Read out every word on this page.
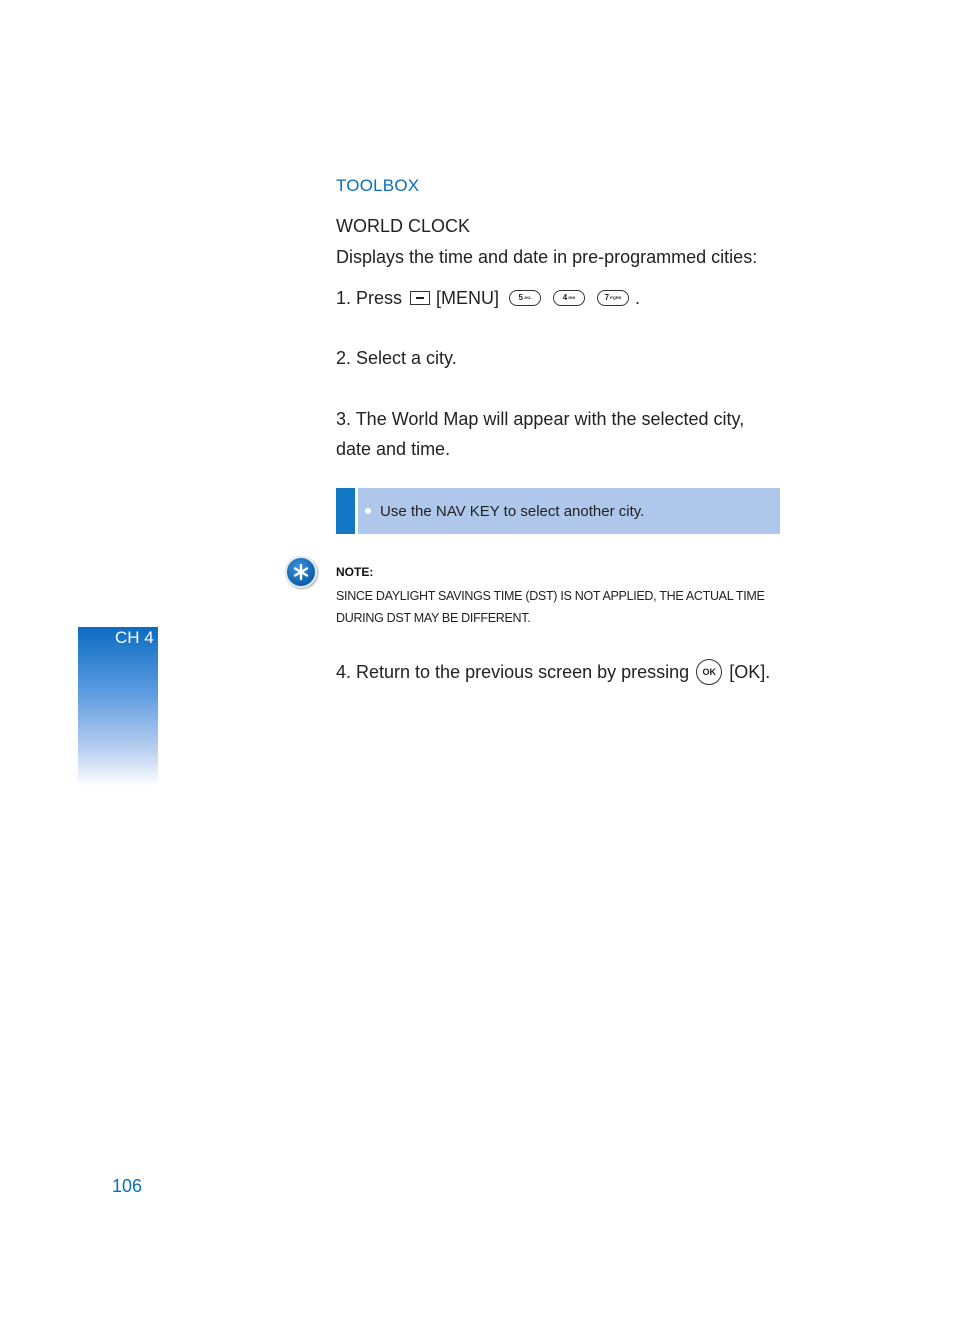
TOOLBOX
WORLD CLOCK
Displays the time and date in pre-programmed cities:
1. Press [MENU] 5 JKL	4 GHI	7 PQRS .
2. Select a city.
3. The World Map will appear with the selected city, date and time.
Use the NAV KEY to select another city.
NOTE:
SINCE DAYLIGHT SAVINGS TIME (DST) IS NOT APPLIED, THE ACTUAL TIME DURING DST MAY BE DIFFERENT.
4. Return to the previous screen by pressing	OK [OK].
CH 4
106
